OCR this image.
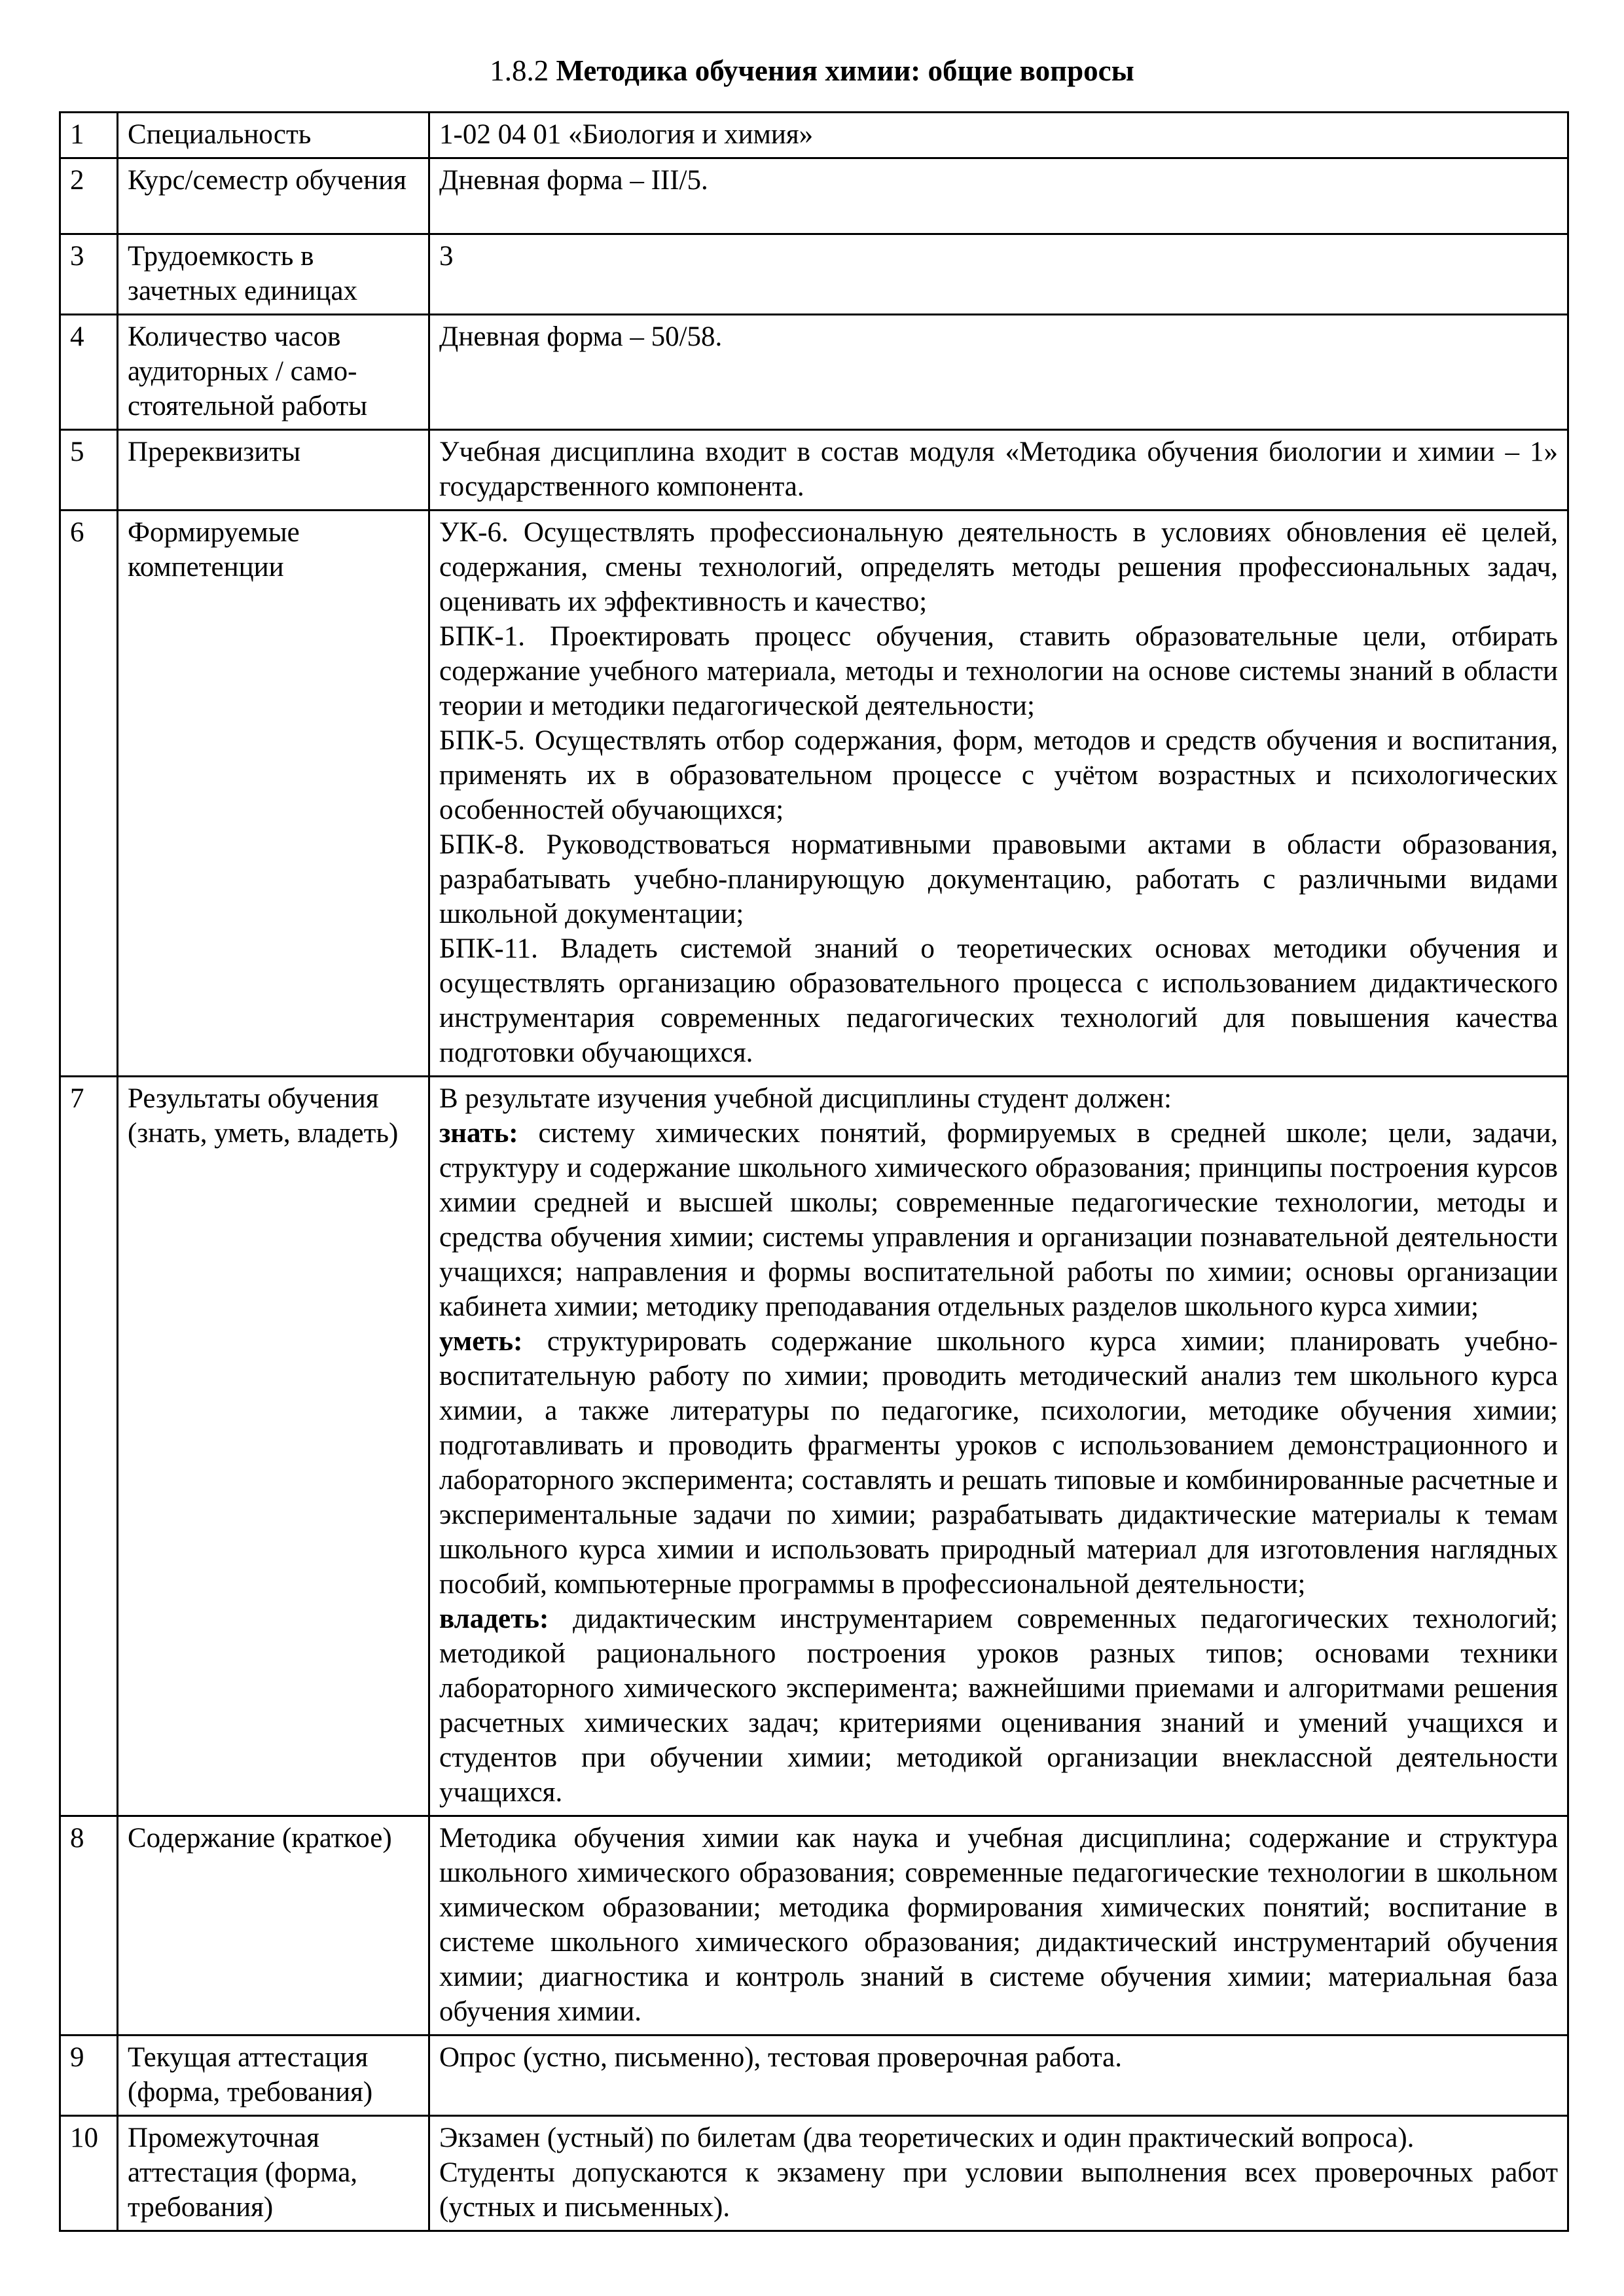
1.8.2 Методика обучения химии: общие вопросы
1	Специальность	1-02 04 01 «Биология и химия»
2	Курс/семестр обучения	Дневная форма – III/5.
3	Трудоемкость в зачетных единицах	3
4	Количество часов аудиторных / само-стоятельной работы	Дневная форма – 50/58.
5	Пререквизиты	Учебная дисциплина входит в состав модуля «Методика обучения биологии и химии – 1» государственного компонента.
6	Формируемые компетенции	УК-6. Осуществлять профессиональную деятельность в условиях обновления её целей, содержания, смены технологий, определять методы решения профессиональных задач, оценивать их эффективность и качество;
БПК-1. Проектировать процесс обучения, ставить образовательные цели, отбирать содержание учебного материала, методы и технологии на основе системы знаний в области теории и методики педагогической деятельности;
БПК-5. Осуществлять отбор содержания, форм, методов и средств обучения и воспитания, применять их в образовательном процессе с учётом возрастных и психологических особенностей обучающихся;
БПК-8. Руководствоваться нормативными правовыми актами в области образования, разрабатывать учебно-планирующую документацию, работать с различными видами школьной документации;
БПК-11. Владеть системой знаний о теоретических основах методики обучения и осуществлять организацию образовательного процесса с использованием дидактического инструментария современных педагогических технологий для повышения качества подготовки обучающихся.

7	Результаты обучения (знать, уметь, владеть)	В результате изучения учебной дисциплины студент должен:
знать: систему химических понятий, формируемых в средней школе; цели, задачи, структуру и содержание школьного химического образования; принципы построения курсов химии средней и высшей школы; современные педагогические технологии, методы и средства обучения химии; системы управления и организации познавательной деятельности учащихся; направления и формы воспитательной работы по химии; основы организации кабинета химии; методику преподавания отдельных разделов школьного курса химии;
уметь: структурировать содержание школьного курса химии; планировать учебно-воспитательную работу по химии; проводить методический анализ тем школьного курса химии, а также литературы по педагогике, психологии, методике обучения химии; подготавливать и проводить фрагменты уроков с использованием демонстрационного и лабораторного эксперимента; составлять и решать типовые и комбинированные расчетные и экспериментальные задачи по химии; разрабатывать дидактические материалы к темам школьного курса химии и использовать природный материал для изготовления наглядных пособий, компьютерные программы в профессиональной деятельности;
владеть: дидактическим инструментарием современных педагогических технологий; методикой рационального построения уроков разных типов; основами техники лабораторного химического эксперимента; важнейшими приемами и алгоритмами решения расчетных химических задач; критериями оценивания знаний и умений учащихся и студентов при обучении химии; методикой организации внеклассной деятельности учащихся.

8	Содержание (краткое)	Методика обучения химии как наука и учебная дисциплина; содержание и структура школьного химического образования; современные педагогические технологии в школьном химическом образовании; методика формирования химических понятий; воспитание в системе школьного химического образования; дидактический инструментарий обучения химии; диагностика и контроль знаний в системе обучения химии; материальная база обучения химии.

9	Текущая аттестация (форма, требования)	Опрос (устно, письменно), тестовая проверочная работа.
10	Промежуточная аттестация (форма, требования)	Экзамен (устный) по билетам (два теоретических и один практический вопроса).
Студенты допускаются к экзамену при условии выполнения всех проверочных работ (устных и письменных).
